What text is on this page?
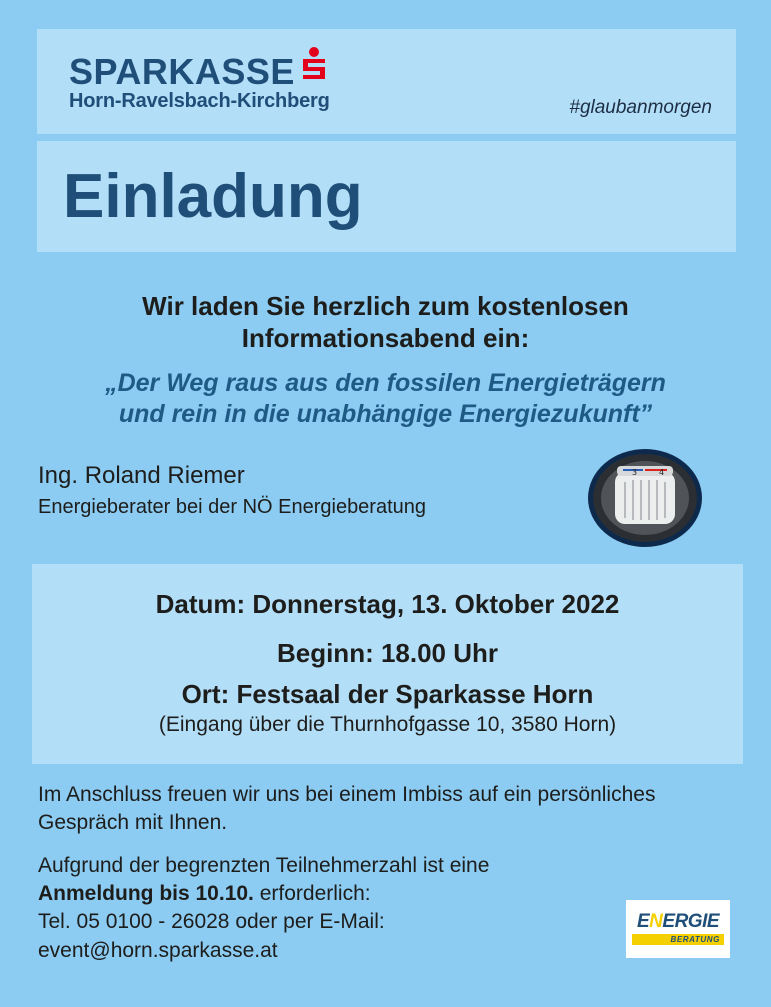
SPARKASSE
Horn-Ravelsbach-Kirchberg	#glaubanmorgen
Einladung
Wir laden Sie herzlich zum kostenlosen
Informationsabend ein:
„Der Weg raus aus den fossilen Energieträgern
und rein in die unabhängige Energiezukunft”
Ing. Roland Riemer
Energieberater bei der NÖ Energieberatung
3	4
Datum: Donnerstag, 13. Oktober 2022
Beginn: 18.00 Uhr
Ort: Festsaal der Sparkasse Horn
(Eingang über die Thurnhofgasse 10, 3580 Horn)
Im Anschluss freuen wir uns bei einem Imbiss auf ein persönliches Gespräch mit Ihnen.
Aufgrund der begrenzten Teilnehmerzahl ist eine
Anmeldung bis 10.10. erforderlich:
Tel. 05 0100 - 26028 oder per E-Mail:
event@horn.sparkasse.at
ENERGIE
BERATUNG
